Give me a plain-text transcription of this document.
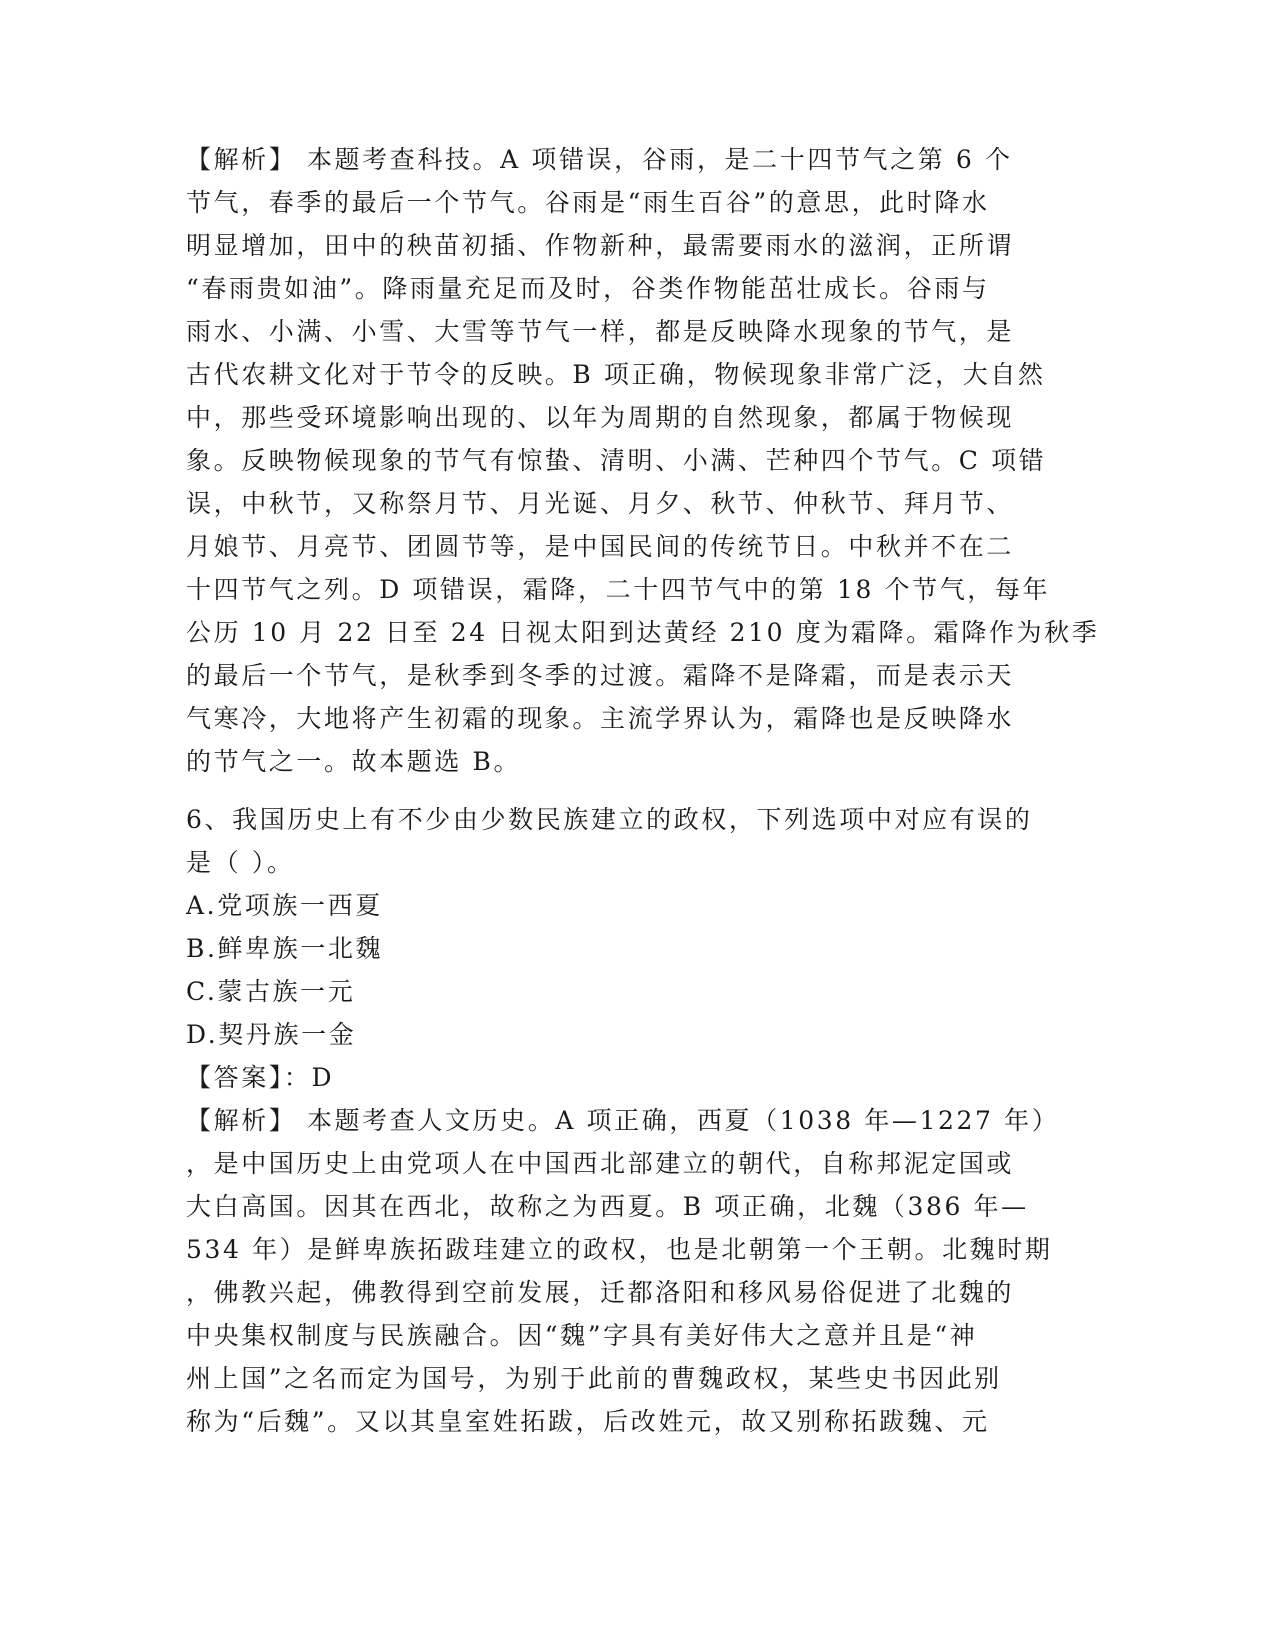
【解析】 本题考查科技。A 项错误，谷雨，是二十四节气之第 6 个
节气，春季的最后一个节气。谷雨是“雨生百谷”的意思，此时降水
明显增加，田中的秧苗初插、作物新种，最需要雨水的滋润，正所谓
“春雨贵如油”。降雨量充足而及时，谷类作物能茁壮成长。谷雨与
雨水、小满、小雪、大雪等节气一样，都是反映降水现象的节气，是
古代农耕文化对于节令的反映。B 项正确，物候现象非常广泛，大自然
中，那些受环境影响出现的、以年为周期的自然现象，都属于物候现
象。反映物候现象的节气有惊蛰、清明、小满、芒种四个节气。C 项错
误，中秋节，又称祭月节、月光诞、月夕、秋节、仲秋节、拜月节、
月娘节、月亮节、团圆节等，是中国民间的传统节日。中秋并不在二
十四节气之列。D 项错误，霜降，二十四节气中的第 18 个节气，每年
公历 10 月 22 日至 24 日视太阳到达黄经 210 度为霜降。霜降作为秋季
的最后一个节气，是秋季到冬季的过渡。霜降不是降霜，而是表示天
气寒冷，大地将产生初霜的现象。主流学界认为，霜降也是反映降水
的节气之一。故本题选 B。
6、我国历史上有不少由少数民族建立的政权，下列选项中对应有误的
是（ ）。
A.党项族一西夏
B.鲜卑族一北魏
C.蒙古族一元
D.契丹族一金
【答案】：D
【解析】 本题考查人文历史。A 项正确，西夏（1038 年—1227 年）
，是中国历史上由党项人在中国西北部建立的朝代，自称邦泥定国或
大白高国。因其在西北，故称之为西夏。B 项正确，北魏（386 年—
534 年）是鲜卑族拓跋珪建立的政权，也是北朝第一个王朝。北魏时期
，佛教兴起，佛教得到空前发展，迁都洛阳和移风易俗促进了北魏的
中央集权制度与民族融合。因“魏”字具有美好伟大之意并且是“神
州上国”之名而定为国号，为别于此前的曹魏政权，某些史书因此别
称为“后魏”。又以其皇室姓拓跋，后改姓元，故又别称拓跋魏、元
